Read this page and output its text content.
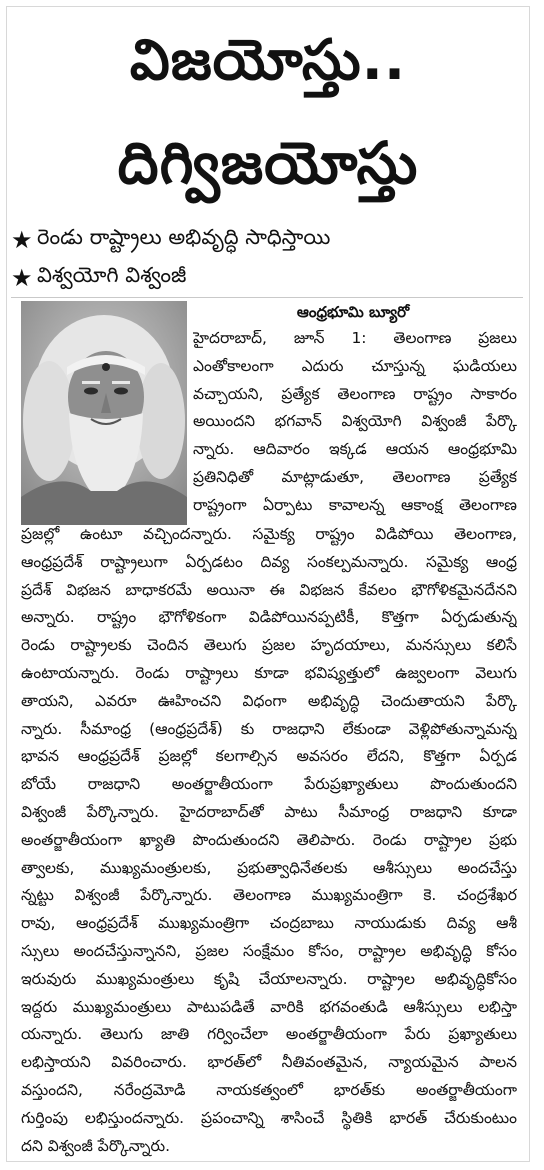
విజయోస్తు..
దిగ్విజయోస్తు
★ రెండు రాష్ట్రాలు అభివృద్ధి సాధిస్తాయి
★ విశ్వయోగి విశ్వంజీ
ఆంధ్రభూమి బ్యూరో
హైదరాబాద్, జూన్ 1: తెలంగాణ ప్రజలు
ఎంతోకాలంగా ఎదురు చూస్తున్న ఘడియలు
వచ్చాయని, ప్రత్యేక తెలంగాణ రాష్ట్రం సాకారం
అయిందని భగవాన్ విశ్వయోగి విశ్వంజీ పేర్కొ
న్నారు. ఆదివారం ఇక్కడ ఆయన ఆంధ్రభూమి
ప్రతినిధితో మాట్లాడుతూ, తెలంగాణ ప్రత్యేక
రాష్ట్రంగా ఏర్పాటు కావాలన్న ఆకాంక్ష తెలంగాణ
ప్రజల్లో ఉంటూ వచ్చిందన్నారు. సమైక్య రాష్ట్రం విడిపోయి తెలంగాణ,
ఆంధ్రప్రదేశ్ రాష్ట్రాలుగా ఏర్పడటం దివ్య సంకల్పమన్నారు. సమైక్య ఆంధ్ర
ప్రదేశ్ విభజన బాధాకరమే అయినా ఈ విభజన కేవలం భౌగోళికమైనదేనని
అన్నారు. రాష్ట్రం భౌగోళికంగా విడిపోయినప్పటికీ, కొత్తగా ఏర్పడుతున్న
రెండు రాష్ట్రాలకు చెందిన తెలుగు ప్రజల హృదయాలు, మనస్సులు కలిసే
ఉంటాయన్నారు. రెండు రాష్ట్రాలు కూడా భవిష్యత్తులో ఉజ్వలంగా వెలుగు
తాయని, ఎవరూ ఊహించని విధంగా అభివృద్ధి చెందుతాయని పేర్కొ
న్నారు. సీమాంధ్ర (ఆంధ్రప్రదేశ్) కు రాజధాని లేకుండా వెళ్లిపోతున్నామన్న
భావన ఆంధ్రప్రదేశ్ ప్రజల్లో కలగాల్సిన అవసరం లేదని, కొత్తగా ఏర్పడ
బోయే రాజధాని అంతర్జాతీయంగా పేరుప్రఖ్యాతులు పొందుతుందని
విశ్వంజీ పేర్కొన్నారు. హైదరాబాద్‌తో పాటు సీమాంధ్ర రాజధాని కూడా
అంతర్జాతీయంగా ఖ్యాతి పొందుతుందని తెలిపారు. రెండు రాష్ట్రాల ప్రభు
త్వాలకు, ముఖ్యమంత్రులకు, ప్రభుత్వాధినేతలకు ఆశీస్సులు అందచేస్తు
న్నట్టు విశ్వంజీ పేర్కొన్నారు. తెలంగాణ ముఖ్యమంత్రిగా కె. చంద్రశేఖర
రావు, ఆంధ్రప్రదేశ్ ముఖ్యమంత్రిగా చంద్రబాబు నాయుడుకు దివ్య ఆశీ
స్సులు అందచేస్తున్నానని, ప్రజల సంక్షేమం కోసం, రాష్ట్రాల అభివృద్ధి కోసం
ఇరువురు ముఖ్యమంత్రులు కృషి చేయాలన్నారు. రాష్ట్రాల అభివృద్ధికోసం
ఇద్దరు ముఖ్యమంత్రులు పాటుపడితే వారికి భగవంతుడి ఆశీస్సులు లభిస్తా
యన్నారు. తెలుగు జాతి గర్వించేలా అంతర్జాతీయంగా పేరు ప్రఖ్యాతులు
లభిస్తాయని వివరించారు. భారత్‌లో నీతివంతమైన, న్యాయమైన పాలన
వస్తుందని, నరేంద్రమోడి నాయకత్వంలో భారత్‌కు అంతర్జాతీయంగా
గుర్తింపు లభిస్తుందన్నారు. ప్రపంచాన్ని శాసించే స్థితికి భారత్ చేరుకుంటుం
దని విశ్వంజీ పేర్కొన్నారు.
